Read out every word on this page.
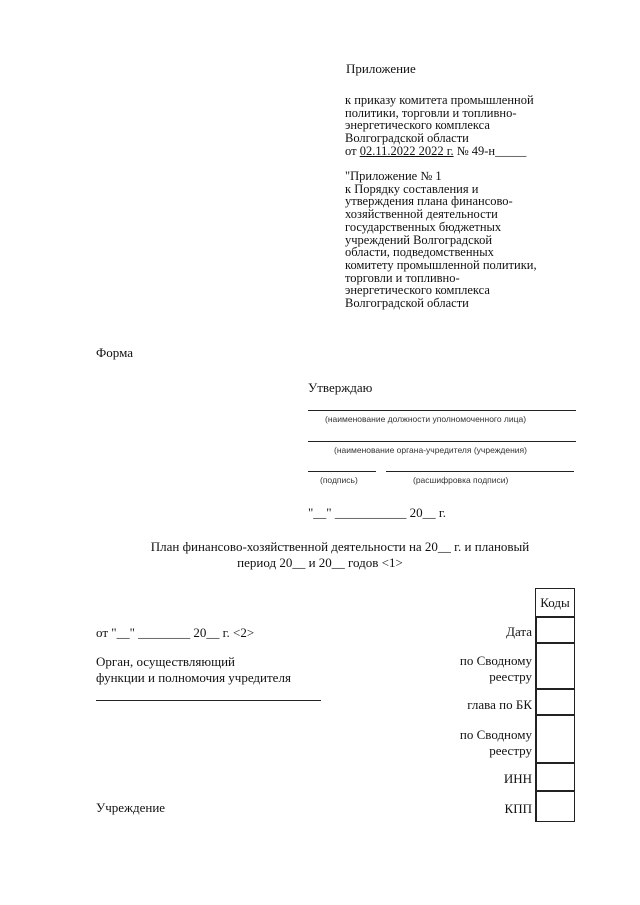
Приложение
к приказу комитета промышленной
политики, торговли и топливно-
энергетического комплекса
Волгоградской области
от 02.11.2022 2022 г. № 49-н_____
"Приложение № 1
к Порядку составления и
утверждения плана финансово-
хозяйственной деятельности
государственных бюджетных
учреждений Волгоградской
области, подведомственных
комитету промышленной политики,
торговли и топливно-
энергетического комплекса
Волгоградской области
Форма
Утверждаю
(наименование должности уполномоченного лица)
(наименование органа-учредителя (учреждения)
(подпись)	(расшифровка подписи)
"__" ___________ 20__ г.
План финансово-хозяйственной деятельности на 20__ г. и плановый
период 20__ и 20__ годов <1>
от "__" ________ 20__ г. <2>
Орган, осуществляющий
функции и полномочия учредителя
Учреждение
Коды
Дата
по Сводному
реестру
глава по БК
по Сводному
реестру
ИНН
КПП
